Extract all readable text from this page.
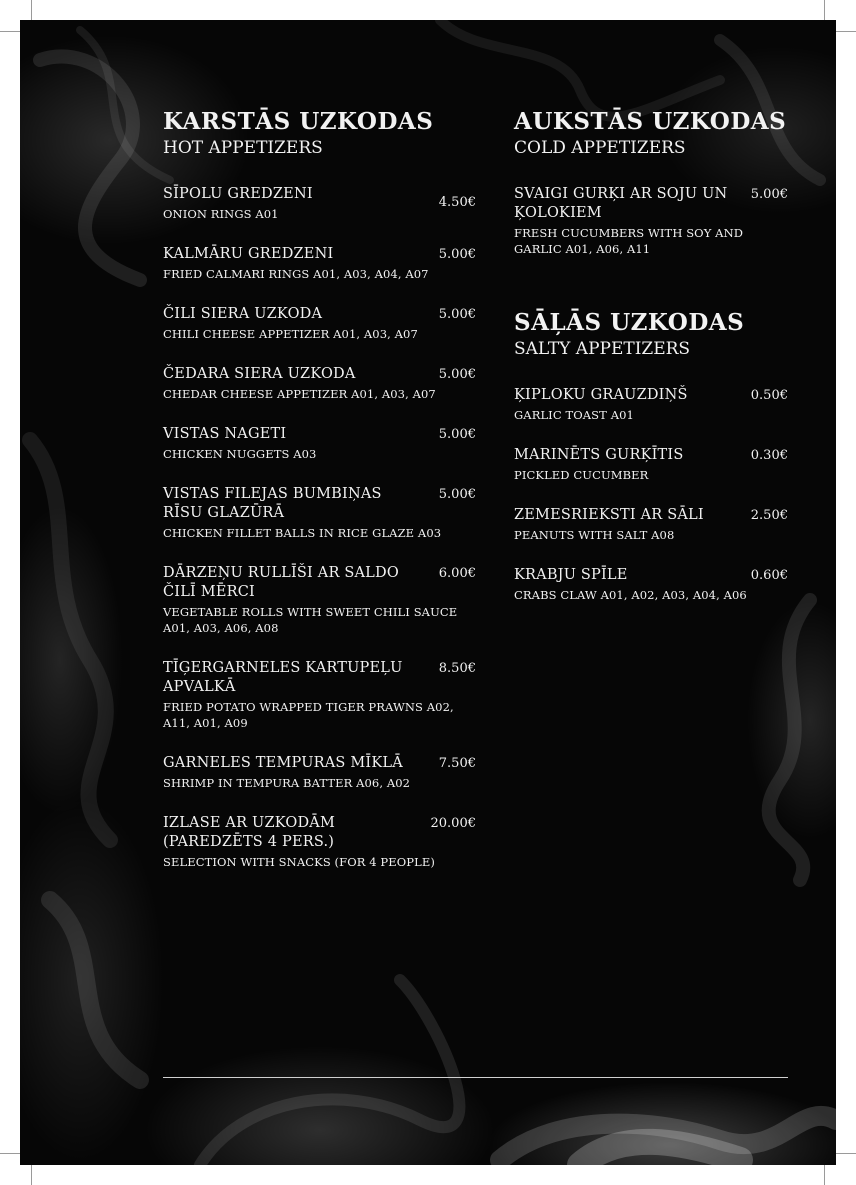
KARSTĀS UZKODAS
HOT APPETIZERS
SĪPOLU GREDZENI
ONION RINGS A01
4.50€
KALMĀRU GREDZENI
FRIED CALMARI RINGS A01, A03, A04, A07
5.00€
ČILI SIERA UZKODA
CHILI CHEESE APPETIZER A01, A03, A07
5.00€
ČEDARA SIERA UZKODA
CHEDAR CHEESE APPETIZER A01, A03, A07
5.00€
VISTAS NAGETI
CHICKEN NUGGETS A03
5.00€
VISTAS FILEJAS BUMBIŅAS RĪSU GLAZŪRĀ
CHICKEN FILLET BALLS IN RICE GLAZE A03
5.00€
DĀRZEŅU RULLĪŠI AR SALDO ČILĪ MĒRCI
VEGETABLE ROLLS WITH SWEET CHILI SAUCE A01, A03, A06, A08
6.00€
TĪĢERGARNELES KARTUPEĻU APVALKĀ
FRIED POTATO WRAPPED TIGER PRAWNS A02, A11, A01, A09
8.50€
GARNELES TEMPURAS MĪKLĀ
SHRIMP IN TEMPURA BATTER A06, A02
7.50€
IZLASE AR UZKODĀM (PAREDZĒTS 4 PERS.)
SELECTION WITH SNACKS (FOR 4 PEOPLE)
20.00€
AUKSTĀS UZKODAS
COLD APPETIZERS
SVAIGI GURĶI AR SOJU UN ĶOLOKIEM
FRESH CUCUMBERS WITH SOY AND GARLIC A01, A06, A11
5.00€
SĀĻĀS UZKODAS
SALTY APPETIZERS
ĶIPLOKU GRAUZDIŅŠ
GARLIC TOAST A01
0.50€
MARINĒTS GURĶĪTIS
PICKLED CUCUMBER
0.30€
ZEMESRIEKSTI AR SĀLI
PEANUTS WITH SALT A08
2.50€
KRABJU SPĪLE
CRABS CLAW A01, A02, A03, A04, A06
0.60€
